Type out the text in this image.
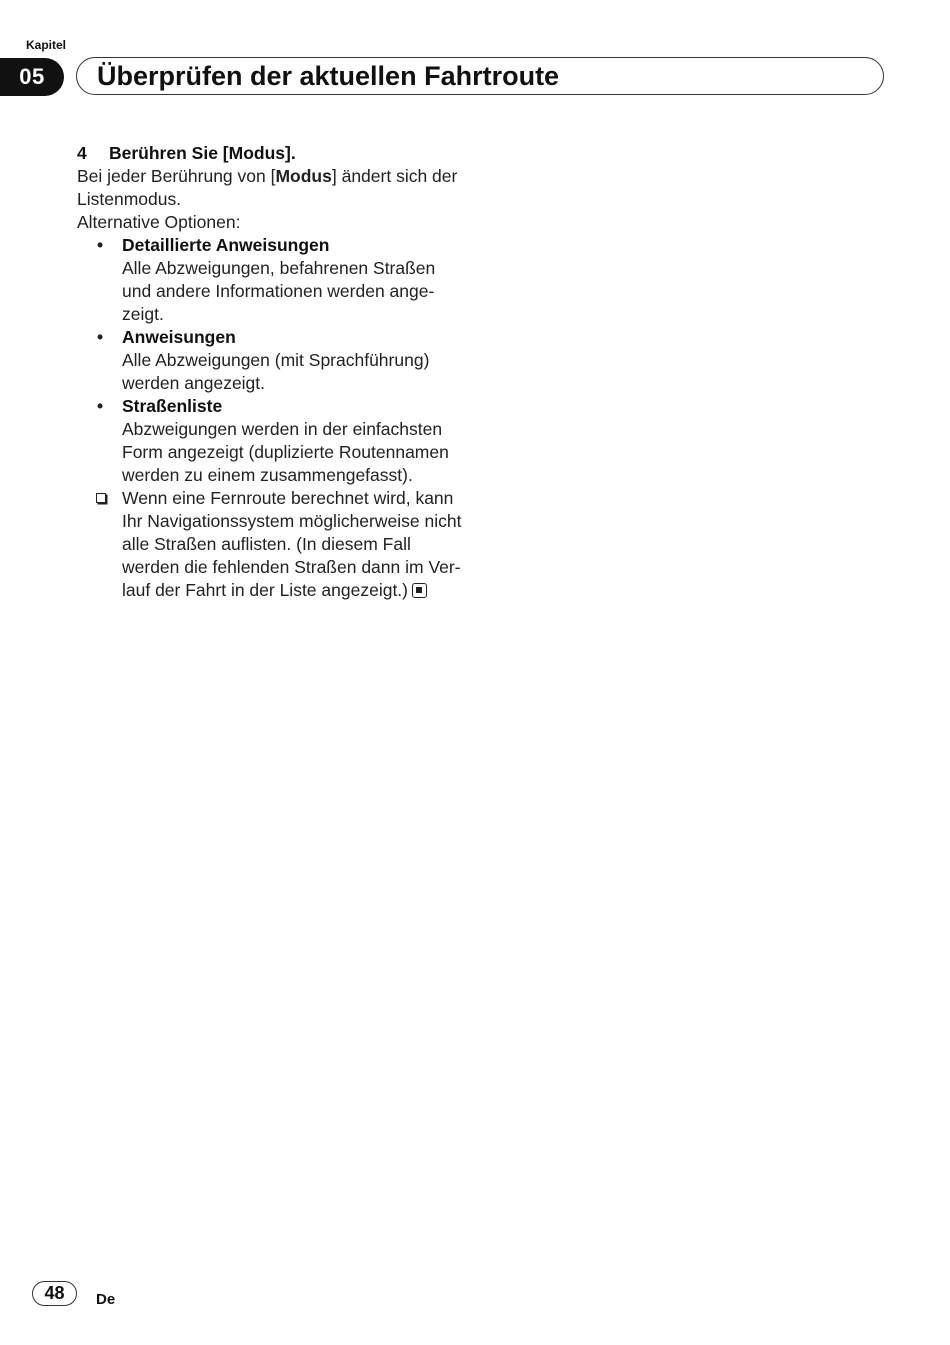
Kapitel
05	Überprüfen der aktuellen Fahrtroute
4 Berühren Sie [Modus].

Bei jeder Berührung von [Modus] ändert sich der Listenmodus.

Alternative Optionen:

• Detaillierte Anweisungen
Alle Abzweigungen, befahrenen Straßen und andere Informationen werden angezeigt.
• Anweisungen
Alle Abzweigungen (mit Sprachführung) werden angezeigt.
• Straßenliste
Abzweigungen werden in der einfachsten Form angezeigt (duplizierte Routennamen werden zu einem zusammengefasst).
Wenn eine Fernroute berechnet wird, kann Ihr Navigationssystem möglicherweise nicht alle Straßen auflisten. (In diesem Fall werden die fehlenden Straßen dann im Verlauf der Fahrt in der Liste angezeigt.)
48	De
